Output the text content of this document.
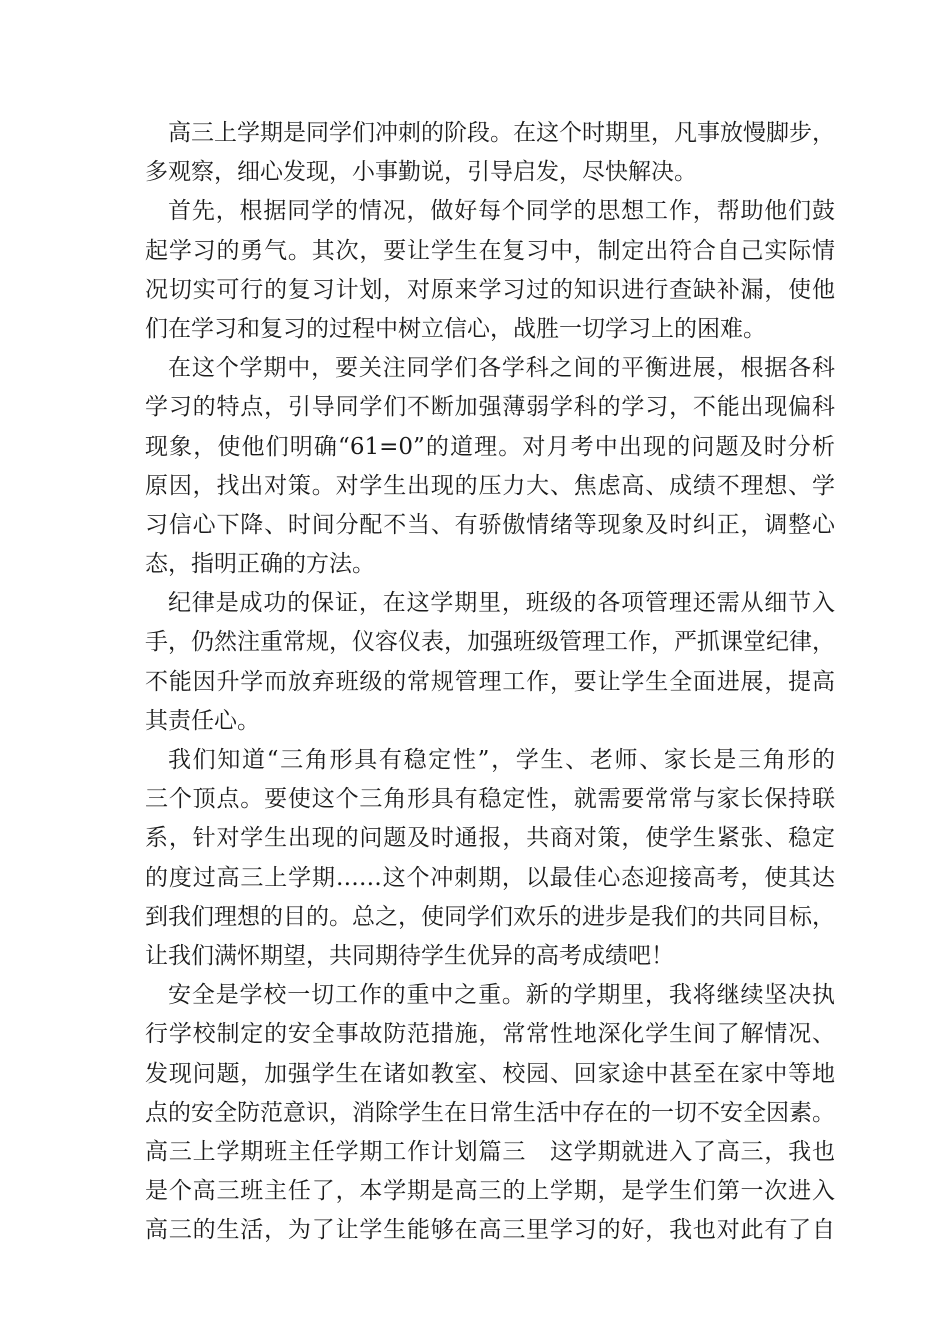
高三上学期是同学们冲刺的阶段。在这个时期里，凡事放慢脚步，
多观察，细心发现，小事勤说，引导启发，尽快解决。
首先，根据同学的情况，做好每个同学的思想工作，帮助他们鼓
起学习的勇气。其次，要让学生在复习中，制定出符合自己实际情
况切实可行的复习计划，对原来学习过的知识进行查缺补漏，使他
们在学习和复习的过程中树立信心，战胜一切学习上的困难。
在这个学期中，要关注同学们各学科之间的平衡进展，根据各科
学习的特点，引导同学们不断加强薄弱学科的学习，不能出现偏科
现象，使他们明确“61=0”的道理。对月考中出现的问题及时分析
原因，找出对策。对学生出现的压力大、焦虑高、成绩不理想、学
习信心下降、时间分配不当、有骄傲情绪等现象及时纠正，调整心
态，指明正确的方法。
纪律是成功的保证，在这学期里，班级的各项管理还需从细节入
手，仍然注重常规，仪容仪表，加强班级管理工作，严抓课堂纪律，
不能因升学而放弃班级的常规管理工作，要让学生全面进展，提高
其责任心。
我们知道“三角形具有稳定性”，学生、老师、家长是三角形的
三个顶点。要使这个三角形具有稳定性，就需要常常与家长保持联
系，针对学生出现的问题及时通报，共商对策，使学生紧张、稳定
的度过高三上学期……这个冲刺期，以最佳心态迎接高考，使其达
到我们理想的目的。总之，使同学们欢乐的进步是我们的共同目标，
让我们满怀期望，共同期待学生优异的高考成绩吧！
安全是学校一切工作的重中之重。新的学期里，我将继续坚决执
行学校制定的安全事故防范措施，常常性地深化学生间了解情况、
发现问题，加强学生在诸如教室、校园、回家途中甚至在家中等地
点的安全防范意识，消除学生在日常生活中存在的一切不安全因素。
高三上学期班主任学期工作计划篇三　这学期就进入了高三，我也
是个高三班主任了，本学期是高三的上学期，是学生们第一次进入
高三的生活，为了让学生能够在高三里学习的好，我也对此有了自
